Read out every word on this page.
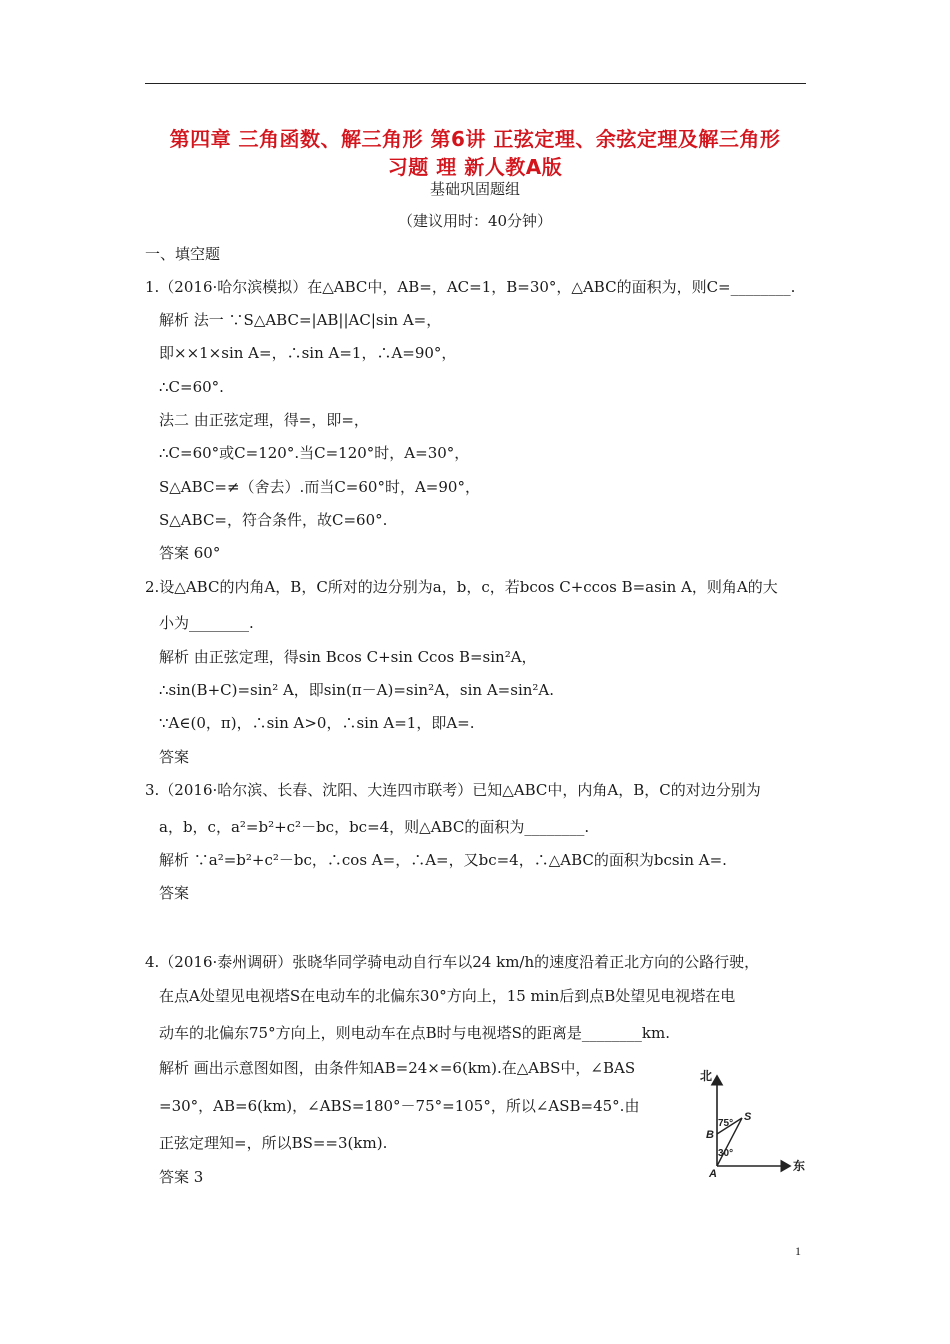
第四章 三角函数、解三角形 第6讲 正弦定理、余弦定理及解三角形
习题 理 新人教A版
基础巩固题组
（建议用时：40分钟）
一、填空题
1.（2016·哈尔滨模拟）在△ABC中，AB=，AC=1，B=30°，△ABC的面积为，则C=________.
解析 法一 ∵S△ABC=|AB||AC|sin A=，
即××1×sin A=，∴sin A=1，∴A=90°，
∴C=60°.
法二 由正弦定理，得=，即=，
∴C=60°或C=120°.当C=120°时，A=30°，
S△ABC=≠（舍去）.而当C=60°时，A=90°，
S△ABC=，符合条件，故C=60°.
答案 60°
2.设△ABC的内角A，B，C所对的边分别为a，b，c，若bcos C+ccos B=asin A，则角A的大
小为________.
解析 由正弦定理，得sin Bcos C+sin Ccos B=sin²A，
∴sin(B+C)=sin² A，即sin(π－A)=sin²A，sin A=sin²A.
∵A∈(0，π)，∴sin A>0，∴sin A=1，即A=.
答案
3.（2016·哈尔滨、长春、沈阳、大连四市联考）已知△ABC中，内角A，B，C的对边分别为
a，b，c，a²=b²+c²－bc，bc=4，则△ABC的面积为________.
解析 ∵a²=b²+c²－bc，∴cos A=，∴A=，又bc=4，∴△ABC的面积为bcsin A=.
答案
4.（2016·泰州调研）张晓华同学骑电动自行车以24 km/h的速度沿着正北方向的公路行驶，
在点A处望见电视塔S在电动车的北偏东30°方向上，15 min后到点B处望见电视塔在电
动车的北偏东75°方向上，则电动车在点B时与电视塔S的距离是________km.
解析 画出示意图如图，由条件知AB=24×=6(km).在△ABS中，∠BAS
=30°，AB=6(km)，∠ABS=180°－75°=105°，所以∠ASB=45°.由
正弦定理知=，所以BS==3(km).
答案 3
北
东
A
B
S
75°
30°
1
